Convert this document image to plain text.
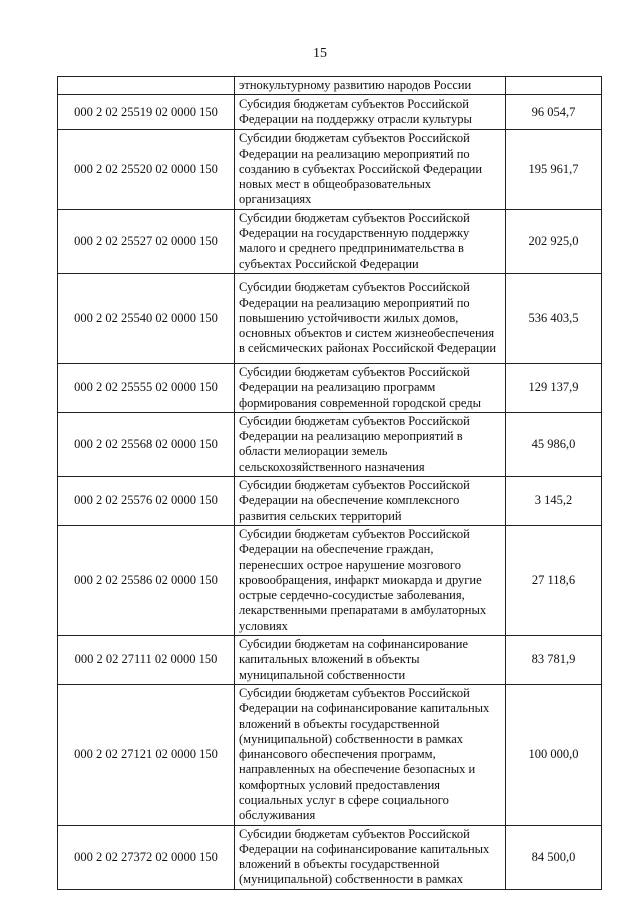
15
	этнокультурному развитию народов России	
000 2 02 25519 02 0000 150	Субсидия бюджетам субъектов Российской Федерации на поддержку отрасли культуры	96 054,7
000 2 02 25520 02 0000 150	Субсидии бюджетам субъектов Российской Федерации на реализацию мероприятий по созданию в субъектах Российской Федерации новых мест в общеобразовательных организациях	195 961,7
000 2 02 25527 02 0000 150	Субсидии бюджетам субъектов Российской Федерации на государственную поддержку малого и среднего предпринимательства в субъектах Российской Федерации	202 925,0
000 2 02 25540 02 0000 150	Субсидии бюджетам субъектов Российской Федерации на реализацию мероприятий по повышению устойчивости жилых домов, основных объектов и систем жизнеобеспечения в сейсмических районах Российской Федерации	536 403,5
000 2 02 25555 02 0000 150	Субсидии бюджетам субъектов Российской Федерации на реализацию программ формирования современной городской среды	129 137,9
000 2 02 25568 02 0000 150	Субсидии бюджетам субъектов Российской Федерации на реализацию мероприятий в области мелиорации земель сельскохозяйственного назначения	45 986,0
000 2 02 25576 02 0000 150	Субсидии бюджетам субъектов Российской Федерации на обеспечение комплексного развития сельских территорий	3 145,2
000 2 02 25586 02 0000 150	Субсидии бюджетам субъектов Российской Федерации на обеспечение граждан, перенесших острое нарушение мозгового кровообращения, инфаркт миокарда и другие острые сердечно-сосудистые заболевания, лекарственными препаратами в амбулаторных условиях	27 118,6
000 2 02 27111 02 0000 150	Субсидии бюджетам на софинансирование капитальных вложений в объекты муниципальной собственности	83 781,9
000 2 02 27121 02 0000 150	Субсидии бюджетам субъектов Российской Федерации на софинансирование капитальных вложений в объекты государственной (муниципальной) собственности в рамках финансового обеспечения программ, направленных на обеспечение безопасных и комфортных условий предоставления социальных услуг в сфере социального обслуживания	100 000,0
000 2 02 27372 02 0000 150	Субсидии бюджетам субъектов Российской Федерации на софинансирование капитальных вложений в объекты государственной (муниципальной) собственности в рамках	84 500,0
